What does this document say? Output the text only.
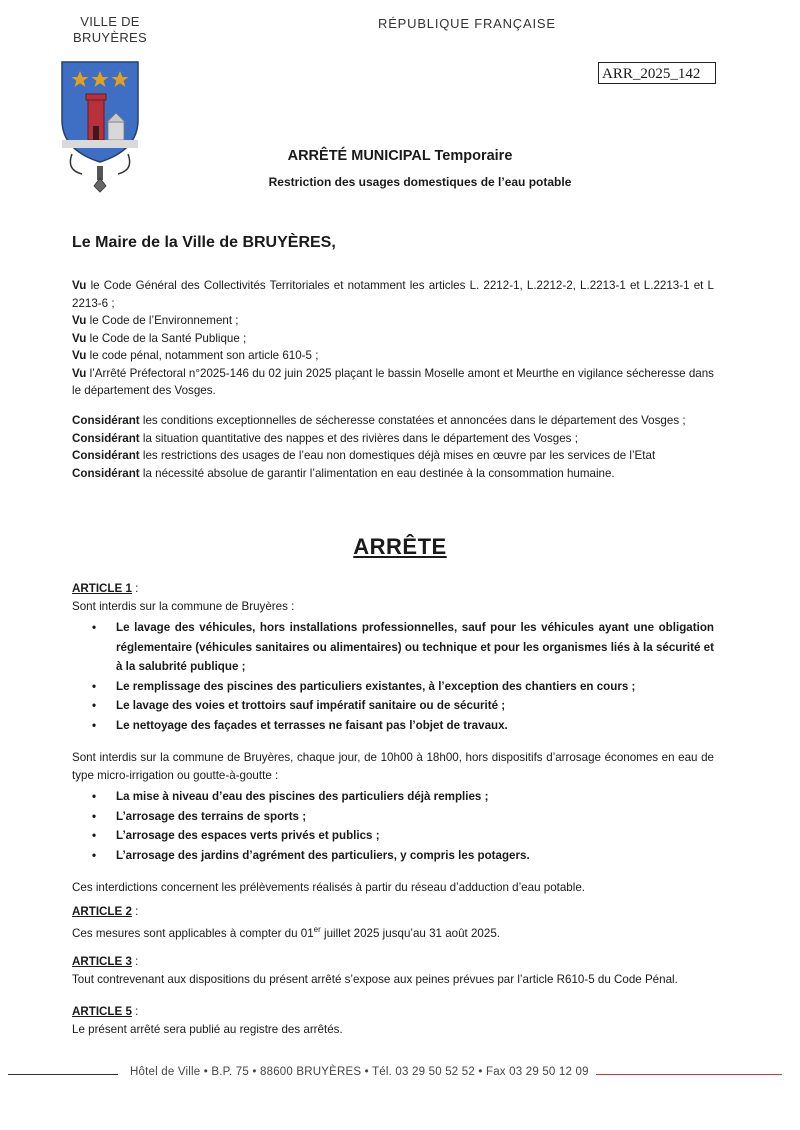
VILLE DE
BRUYÈRES
RÉPUBLIQUE FRANÇAISE
ARR_2025_142
ARRÊTÉ MUNICIPAL Temporaire
Restriction des usages domestiques de l’eau potable
Le Maire de la Ville de BRUYÈRES,

Vu le Code Général des Collectivités Territoriales et notamment les articles L. 2212-1, L.2212-2, L.2213-1 et L.2213-1 et L 2213-6 ;

Vu le Code de l’Environnement ;

Vu le Code de la Santé Publique ;

Vu le code pénal, notamment son article 610-5 ;

Vu l’Arrêté Préfectoral n°2025-146 du 02 juin 2025 plaçant le bassin Moselle amont et Meurthe en vigilance sécheresse dans le département des Vosges.

Considérant les conditions exceptionnelles de sécheresse constatées et annoncées dans le département des Vosges ;

Considérant la situation quantitative des nappes et des rivières dans le département des Vosges ;

Considérant les restrictions des usages de l’eau non domestiques déjà mises en œuvre par les services de l’Etat

Considérant la nécessité absolue de garantir l’alimentation en eau destinée à la consommation humaine.

ARRÊTE

ARTICLE 1 :

Sont interdis sur la commune de Bruyères :

• Le lavage des véhicules, hors installations professionnelles, sauf pour les véhicules ayant une obligation réglementaire (véhicules sanitaires ou alimentaires) ou technique et pour les organismes liés à la sécurité et à la salubrité publique ;
• Le remplissage des piscines des particuliers existantes, à l’exception des chantiers en cours ;
• Le lavage des voies et trottoirs sauf impératif sanitaire ou de sécurité ;
• Le nettoyage des façades et terrasses ne faisant pas l’objet de travaux.

Sont interdis sur la commune de Bruyères, chaque jour, de 10h00 à 18h00, hors dispositifs d’arrosage économes en eau de type micro-irrigation ou goutte-à-goutte :

• La mise à niveau d’eau des piscines des particuliers déjà remplies ;
• L’arrosage des terrains de sports ;
• L’arrosage des espaces verts privés et publics ;
• L’arrosage des jardins d’agrément des particuliers, y compris les potagers.

Ces interdictions concernent les prélèvements réalisés à partir du réseau d’adduction d’eau potable.

ARTICLE 2 :

Ces mesures sont applicables à compter du 01er juillet 2025 jusqu’au 31 août 2025.

ARTICLE 3 :

Tout contrevenant aux dispositions du présent arrêté s’expose aux peines prévues par l’article R610-5 du Code Pénal.

ARTICLE 5 :

Le présent arrêté sera publié au registre des arrêtés.

Hôtel de Ville • B.P. 75 • 88600 BRUYÈRES • Tél. 03 29 50 52 52 • Fax 03 29 50 12 09
